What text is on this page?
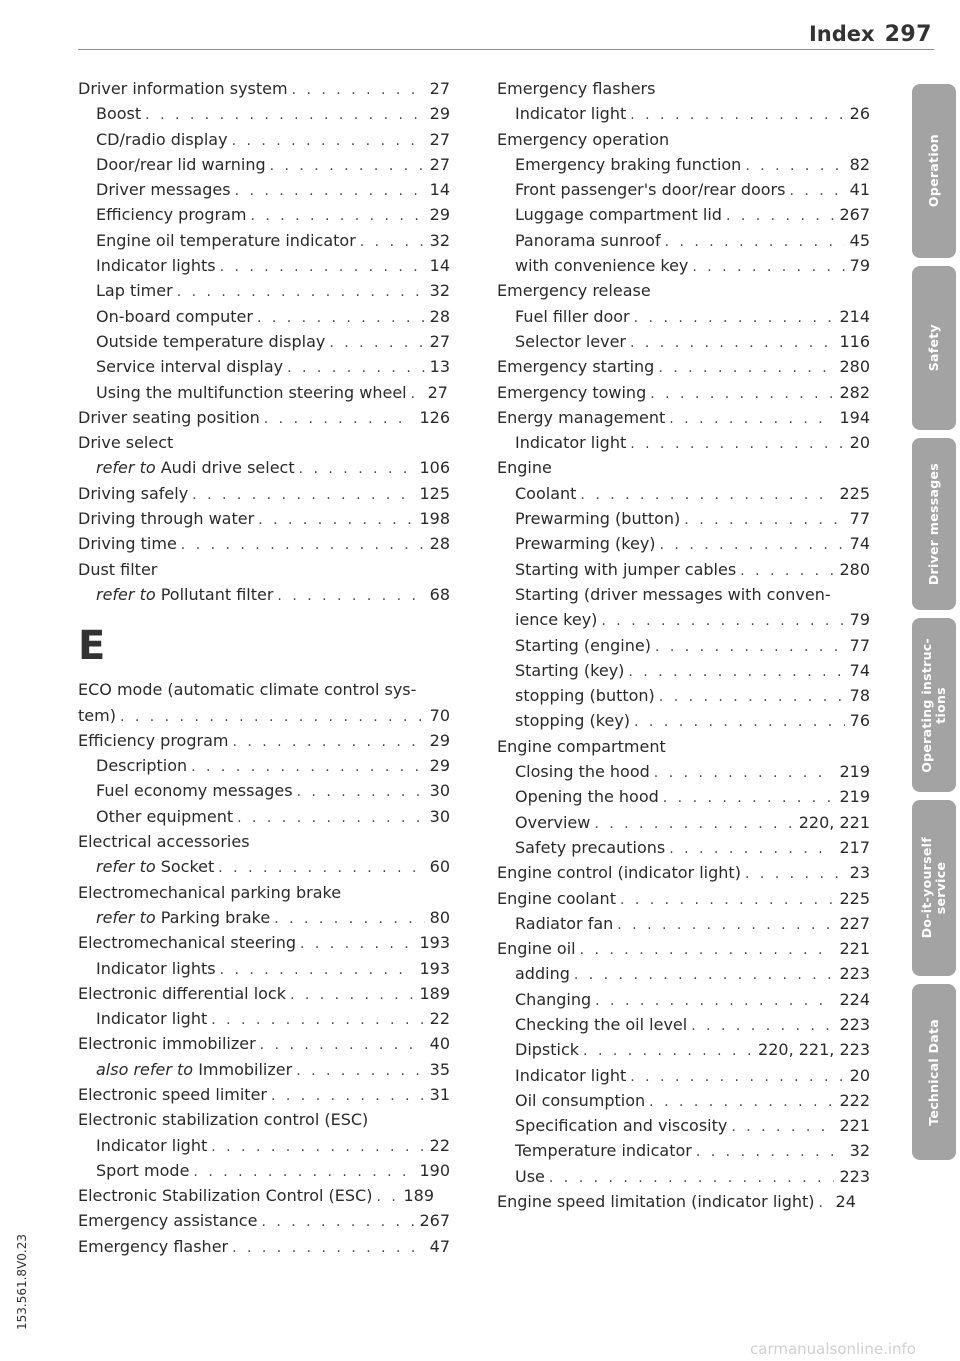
Index 297
Driver information system . . .	27
Boost . . .	29
CD/radio display . . .	27
Door/rear lid warning . . .	27
Driver messages . . .	14
Efficiency program . . .	29
Engine oil temperature indicator . . .	32
Indicator lights . . .	14
Lap timer . . .	32
On-board computer . . .	28
Outside temperature display . . .	27
Service interval display . . .	13
Using the multifunction steering wheel . . .	27
Driver seating position . . .	126
Drive select
refer to Audi drive select . . .	106
Driving safely . . .	125
Driving through water . . .	198
Driving time . . .	28
Dust filter
refer to Pollutant filter . . .	68
E
ECO mode (automatic climate control sys-
tem) . . .	70
Efficiency program . . .	29
Description . . .	29
Fuel economy messages . . .	30
Other equipment . . .	30
Electrical accessories
refer to Socket . . .	60
Electromechanical parking brake
refer to Parking brake . . .	80
Electromechanical steering . . .	193
Indicator lights . . .	193
Electronic differential lock . . .	189
Indicator light . . .	22
Electronic immobilizer . . .	40
also refer to Immobilizer . . .	35
Electronic speed limiter . . .	31
Electronic stabilization control (ESC)
Indicator light . . .	22
Sport mode . . .	190
Electronic Stabilization Control (ESC) . . .	189
Emergency assistance . . .	267
Emergency flasher . . .	47
Emergency flashers
Indicator light . . .	26
Emergency operation
Emergency braking function . . .	82
Front passenger's door/rear doors . . .	41
Luggage compartment lid . . .	267
Panorama sunroof . . .	45
with convenience key . . .	79
Emergency release
Fuel filler door . . .	214
Selector lever . . .	116
Emergency starting . . .	280
Emergency towing . . .	282
Energy management . . .	194
Indicator light . . .	20
Engine
Coolant . . .	225
Prewarming (button) . . .	77
Prewarming (key) . . .	74
Starting with jumper cables . . .	280
Starting (driver messages with conven-
ience key) . . .	79
Starting (engine) . . .	77
Starting (key) . . .	74
stopping (button) . . .	78
stopping (key) . . .	76
Engine compartment
Closing the hood . . .	219
Opening the hood . . .	219
Overview . . .	220, 221
Safety precautions . . .	217
Engine control (indicator light) . . .	23
Engine coolant . . .	225
Radiator fan . . .	227
Engine oil . . .	221
adding . . .	223
Changing . . .	224
Checking the oil level . . .	223
Dipstick . . .	220, 221, 223
Indicator light . . .	20
Oil consumption . . .	222
Specification and viscosity . . .	221
Temperature indicator . . .	32
Use . . .	223
Engine speed limitation (indicator light) . . .	24
Operation
Safety
Driver messages
Operating instruc-
tions
Do-it-yourself
service
Technical Data
153.561.8V0.23
carmanualsonline.info
